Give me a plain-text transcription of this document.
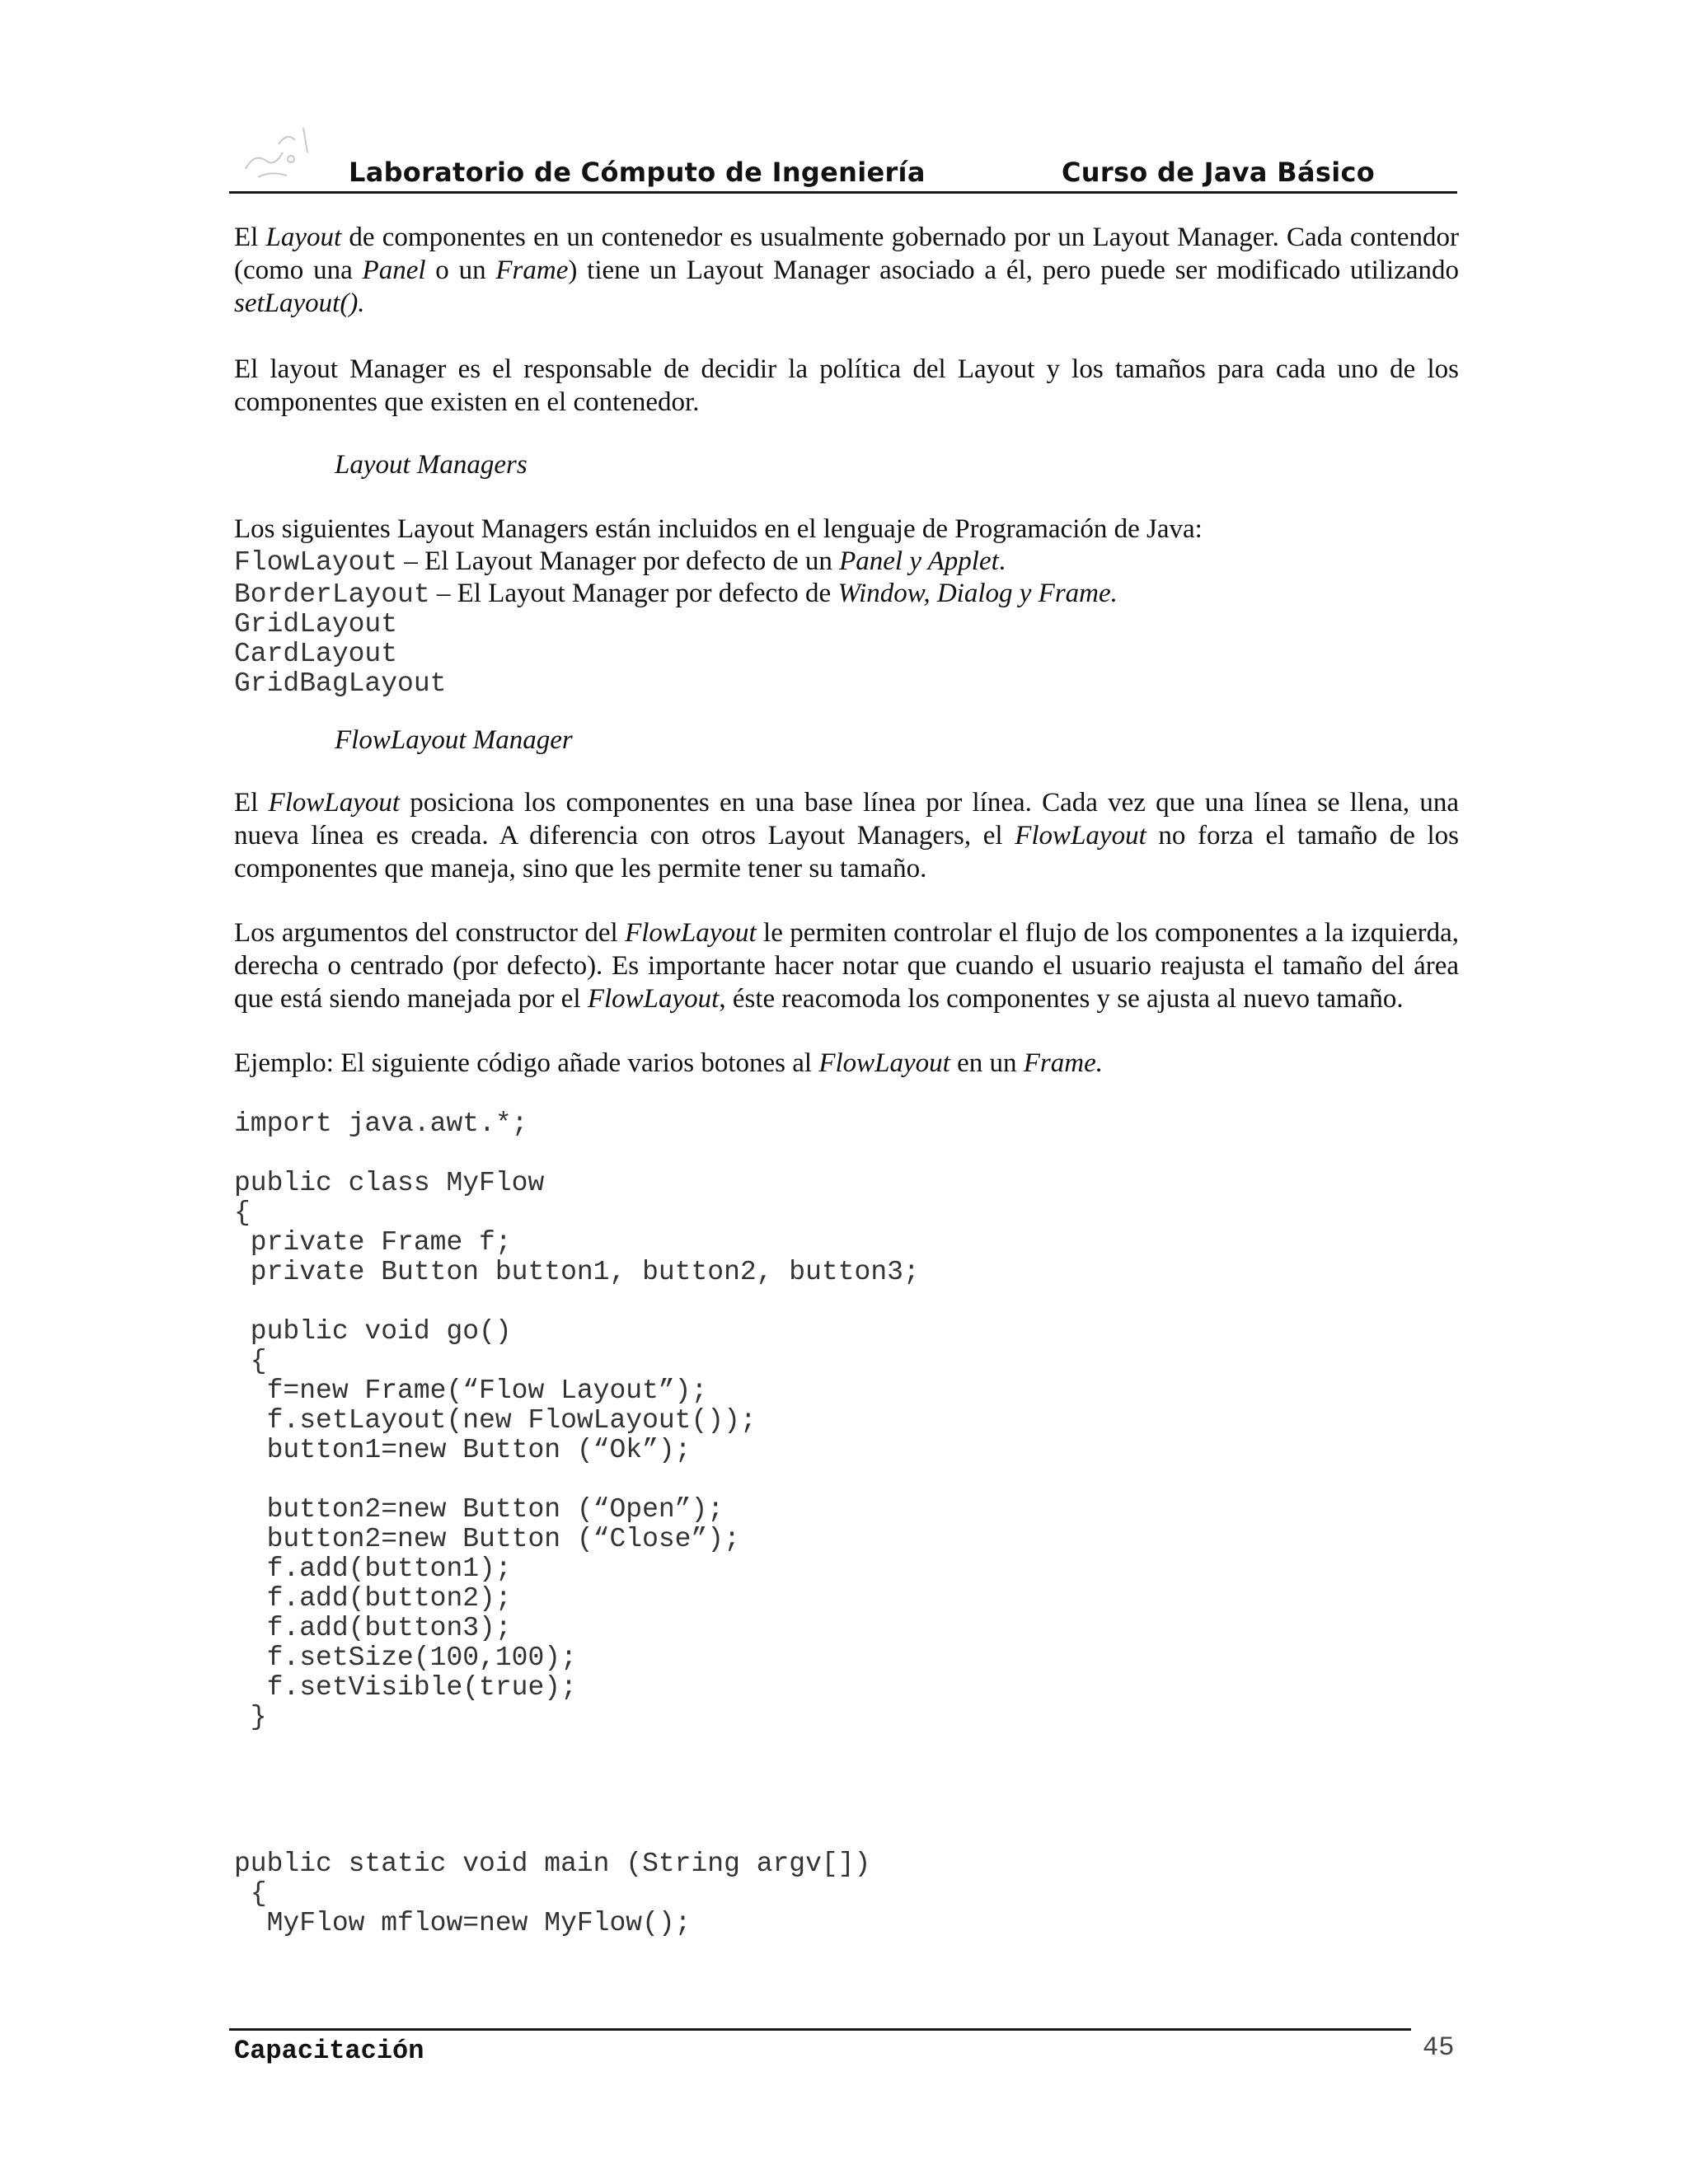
Laboratorio de Cómputo de Ingeniería	Curso de Java Básico

El Layout de componentes en un contenedor es usualmente gobernado por un Layout Manager. Cada contendor (como una Panel o un Frame) tiene un Layout Manager asociado a él, pero puede ser modificado utilizando setLayout().

El layout Manager es el responsable de decidir la política del Layout y los tamaños para cada uno de los componentes que existen en el contenedor.

Layout Managers

Los siguientes Layout Managers están incluidos en el lenguaje de Programación de Java:

FlowLayout – El Layout Manager por defecto de un Panel y Applet.
BorderLayout – El Layout Manager por defecto de Window, Dialog y Frame.
GridLayout
CardLayout
GridBagLayout

FlowLayout Manager

El FlowLayout posiciona los componentes en una base línea por línea. Cada vez que una línea se llena, una nueva línea es creada. A diferencia con otros Layout Managers, el FlowLayout no forza el tamaño de los componentes que maneja, sino que les permite tener su tamaño.

Los argumentos del constructor del FlowLayout le permiten controlar el flujo de los componentes a la izquierda, derecha o centrado (por defecto). Es importante hacer notar que cuando el usuario reajusta el tamaño del área que está siendo manejada por el FlowLayout, éste reacomoda los componentes y se ajusta al nuevo tamaño.

Ejemplo: El siguiente código añade varios botones al FlowLayout en un Frame.

import java.awt.*;

public class MyFlow
{
private Frame f;
private Button button1, button2, button3;

public void go()
{
f=new Frame(“Flow Layout”);
f.setLayout(new FlowLayout());
button1=new Button (“Ok”);

button2=new Button (“Open”);
button2=new Button (“Close”);
f.add(button1);
f.add(button2);
f.add(button3);
f.setSize(100,100);
f.setVisible(true);
}
public static void main (String argv[])
{
MyFlow mflow=new MyFlow();
Capacitación	45
